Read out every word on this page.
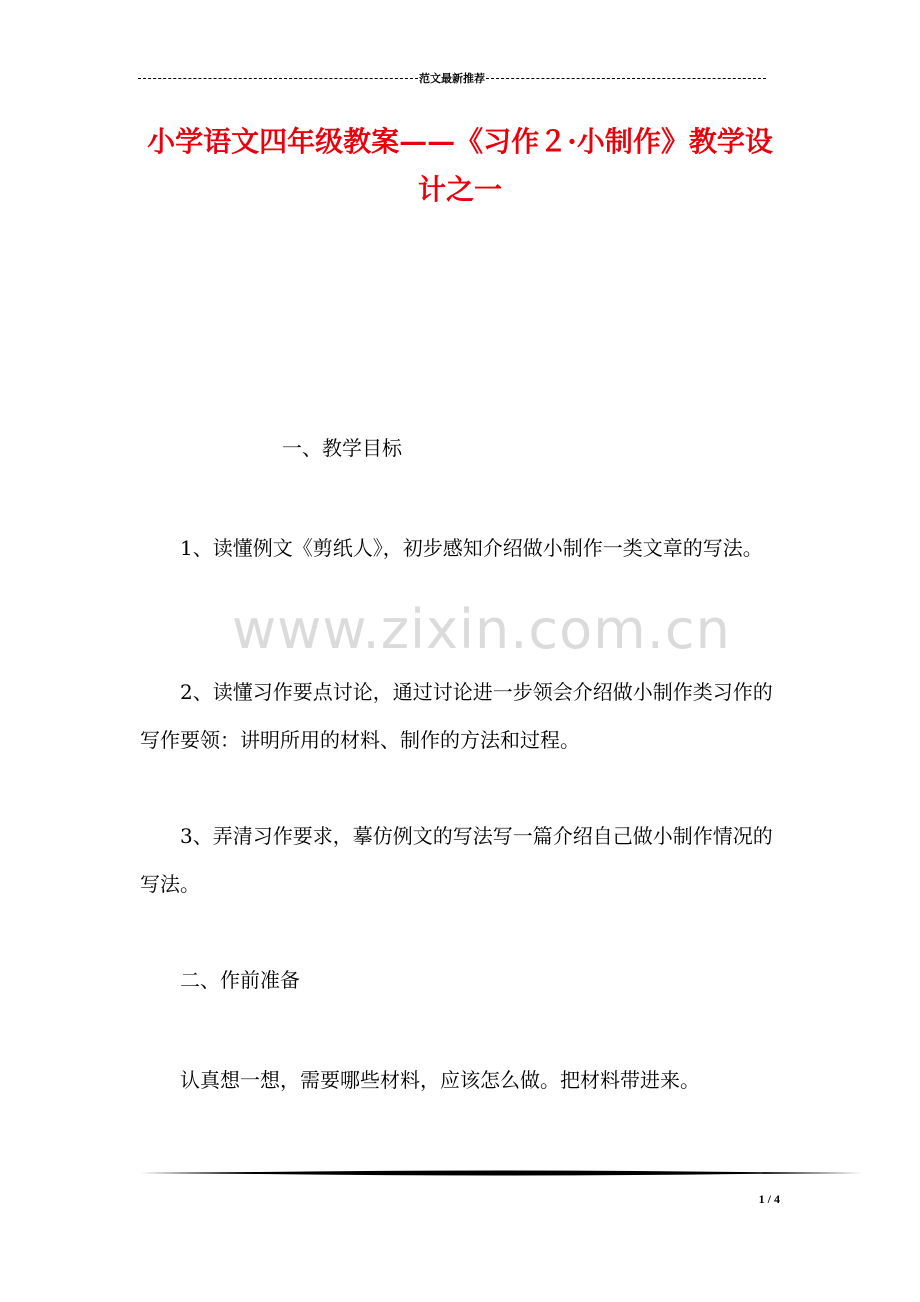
范文最新推荐
小学语文四年级教案——《习作２·小制作》教学设计之一

一、教学目标

1、读懂例文《剪纸人》，初步感知介绍做小制作一类文章的写法。

www.zixin.com.cn

2、读懂习作要点讨论，通过讨论进一步领会介绍做小制作类习作的写作要领：讲明所用的材料、制作的方法和过程。

3、弄清习作要求，摹仿例文的写法写一篇介绍自己做小制作情况的写法。

二、作前准备

认真想一想，需要哪些材料，应该怎么做。把材料带进来。

1 / 4
